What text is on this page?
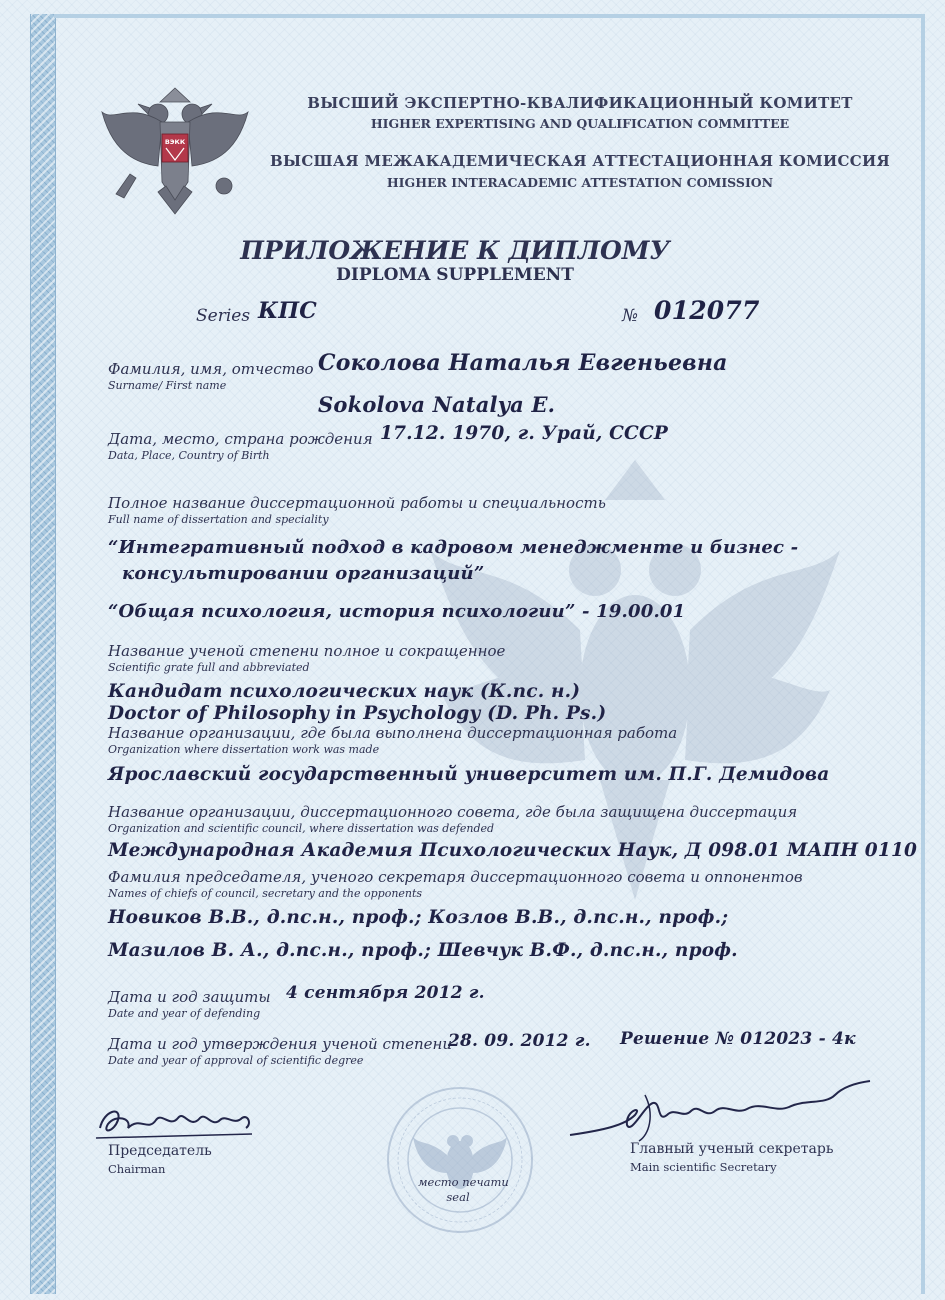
ВЭКК
ВЫСШИЙ ЭКСПЕРТНО-КВАЛИФИКАЦИОННЫЙ КОМИТЕТ
HIGHER EXPERTISING AND QUALIFICATION COMMITTEE
ВЫСШАЯ МЕЖАКАДЕМИЧЕСКАЯ АТТЕСТАЦИОННАЯ КОМИССИЯ
HIGHER INTERACADEMIC ATTESTATION COMISSION
ПРИЛОЖЕНИЕ К ДИПЛОМУ
DIPLOMA SUPPLEMENT
Series КПС	№ 012077
Фамилия, имя, отчество
Surname/ First name
Соколова Наталья Евгеньевна
Sokolova Natalya E.
Дата, место, страна рождения
Data, Place, Country of Birth
17.12. 1970, г. Урай, СССР
Полное название диссертационной работы и специальность
Full name of dissertation and speciality
“Интегративный подход в кадровом менеджменте и бизнес -
консультировании организаций”
“Общая психология, история психологии” - 19.00.01
Название ученой степени полное и сокращенное
Scientific grate full and abbreviated
Кандидат психологических наук (К.пс. н.)
Doctor of Philosophy in Psychology (D. Ph. Ps.)
Название организации, где была выполнена диссертационная работа
Organization where dissertation work was made
Ярославский государственный университет им. П.Г. Демидова
Название организации, диссертационного совета, где была защищена диссертация
Organization and scientific council, where dissertation was defended
Международная Академия Психологических Наук, Д 098.01 МАПН 0110
Фамилия председателя, ученого секретаря диссертационного совета и оппонентов
Names of chiefs of council, secretary and the opponents
Новиков В.В., д.пс.н., проф.; Козлов В.В., д.пс.н., проф.;
Мазилов В. А., д.пс.н., проф.; Шевчук В.Ф., д.пс.н., проф.
Дата и год защиты
Date and year of defending
4 сентября 2012 г.
Дата и год утверждения ученой степени
Date and year of approval of scientific degree
28. 09. 2012 г. Решение № 012023 - 4к
место печати
seal
Председатель
Chairman
Главный ученый секретарь
Main scientific Secretary
